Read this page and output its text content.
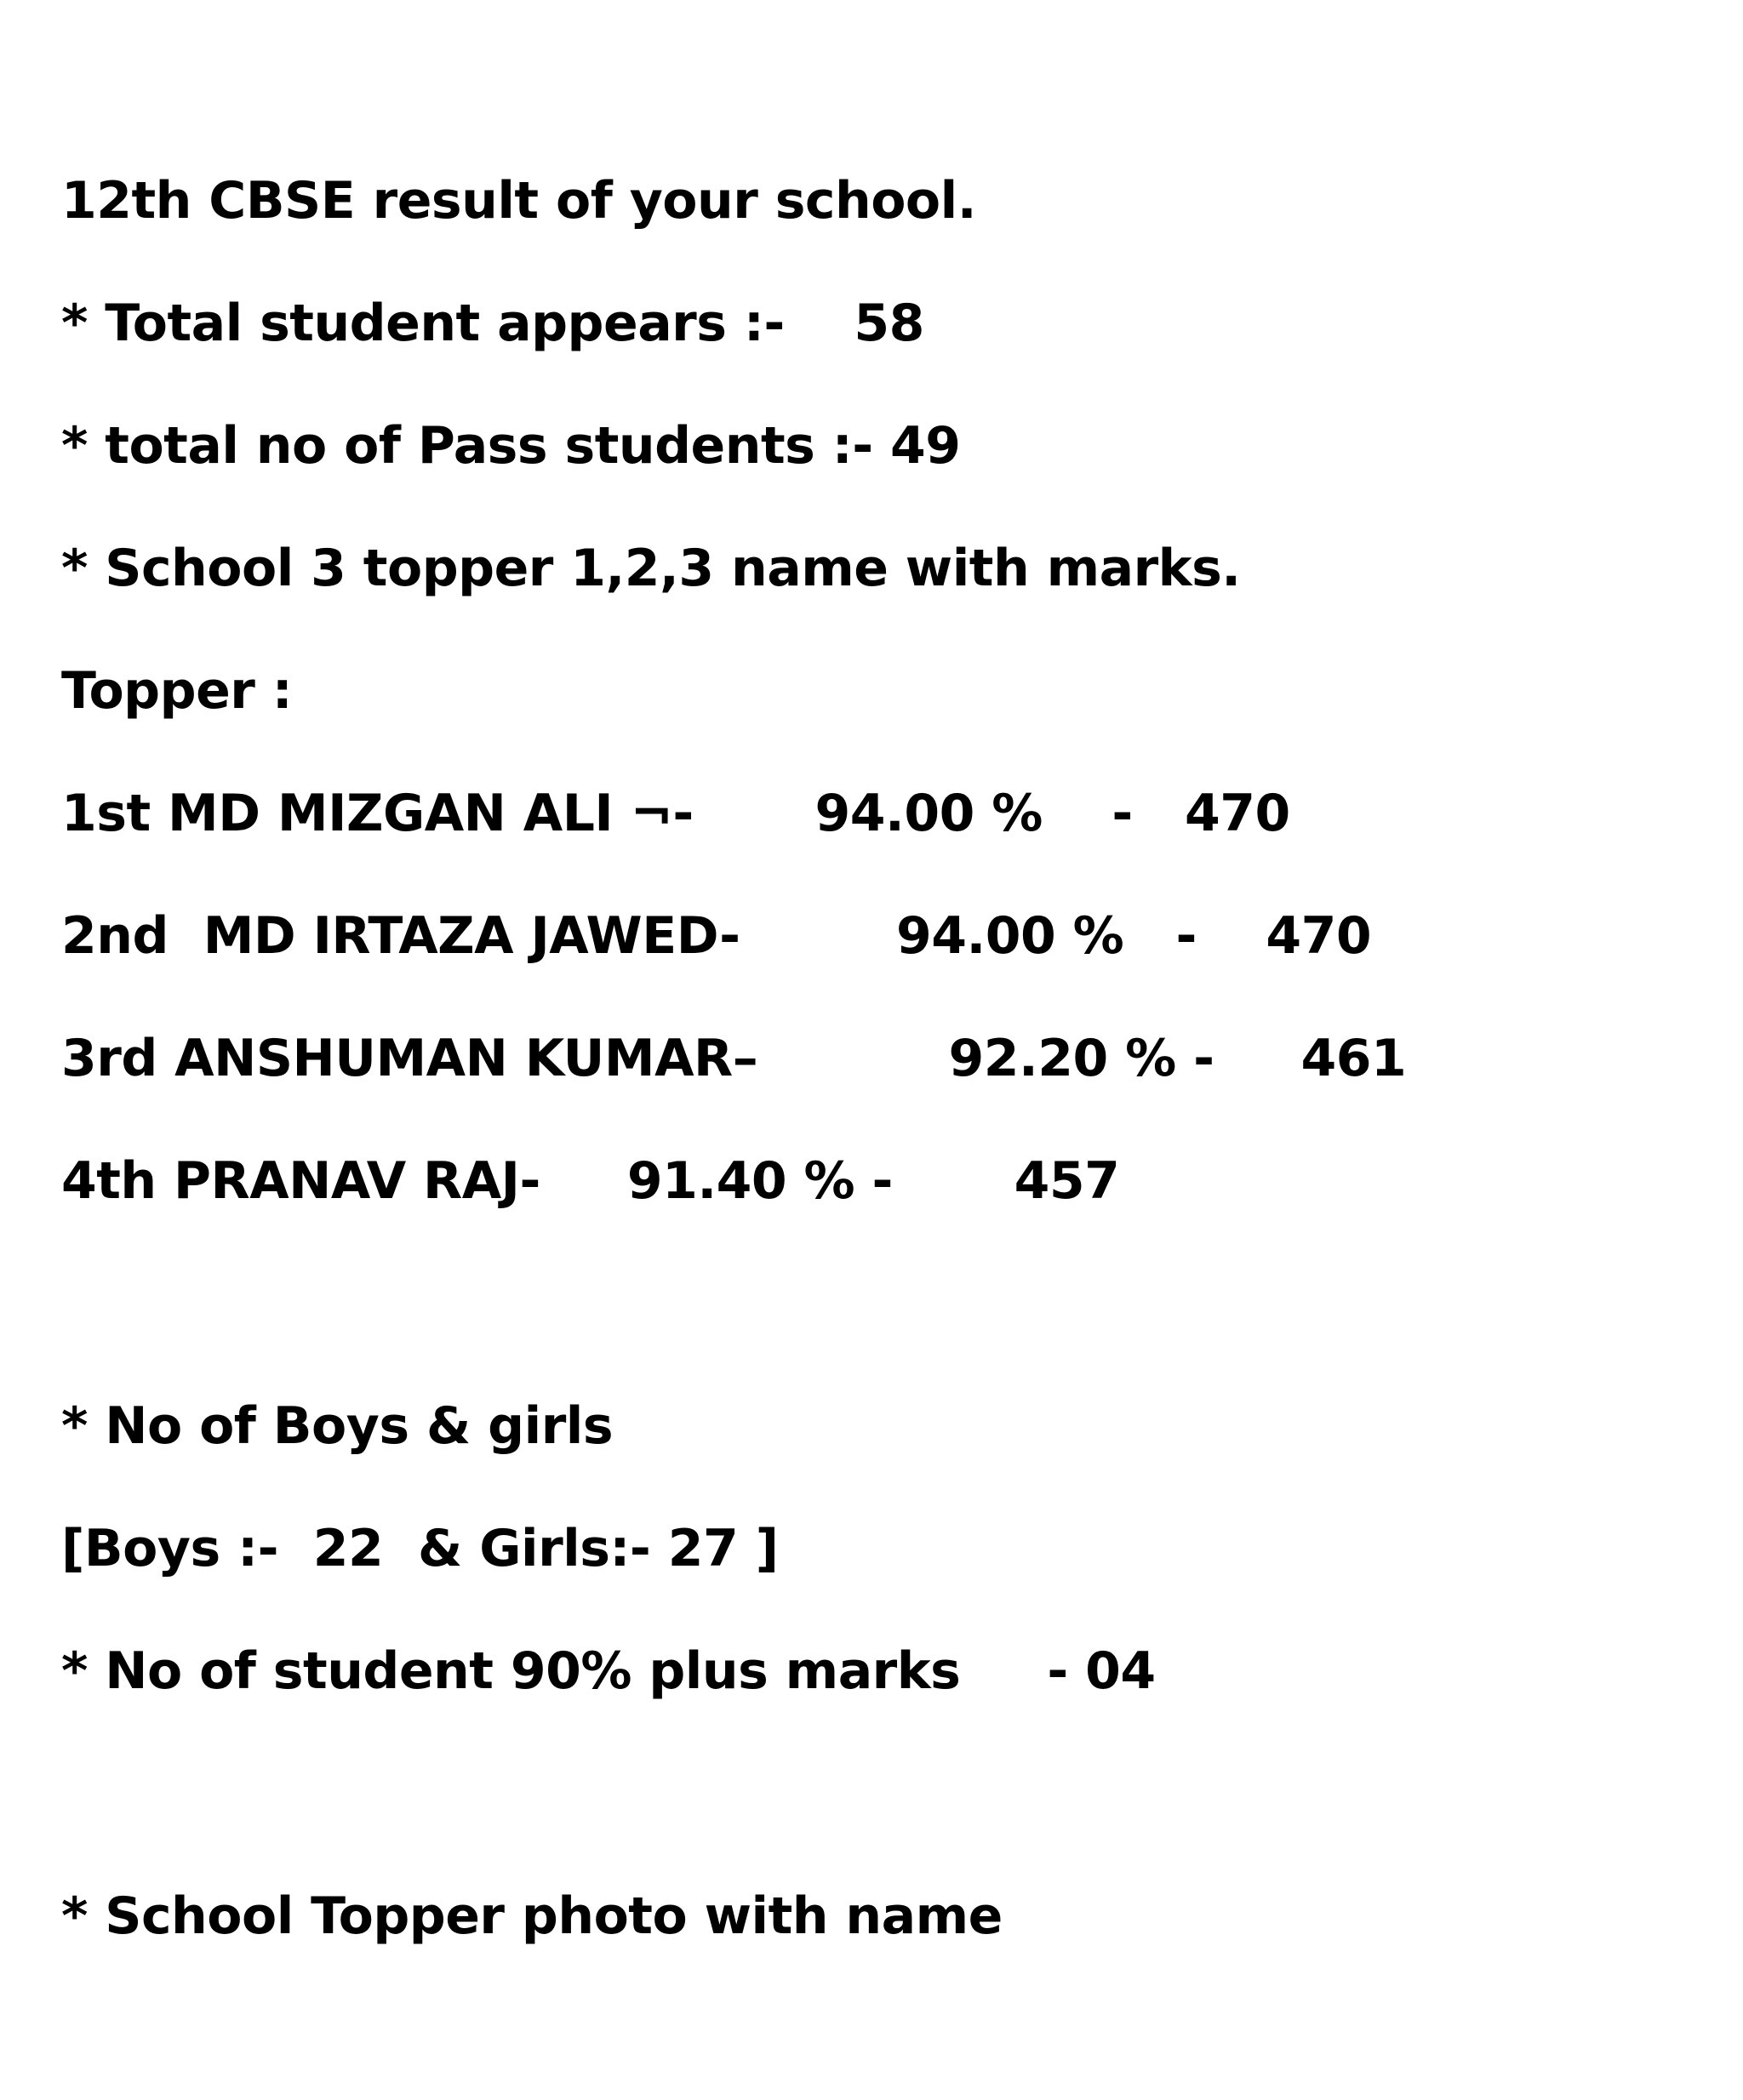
12th CBSE result of your school.

* Total student appears :-    58

* total no of Pass students :- 49

* School 3 topper 1,2,3 name with marks.

Topper :

1st MD MIZGAN ALI ¬-       94.00 %    -   470

2nd  MD IRTAZA JAWED-         94.00 %   -    470

3rd ANSHUMAN KUMAR–           92.20 % -     461

4th PRANAV RAJ-     91.40 % -       457

* No of Boys & girls

[Boys :-  22  & Girls:- 27 ]

* No of student 90% plus marks     - 04

* School Topper photo with name
